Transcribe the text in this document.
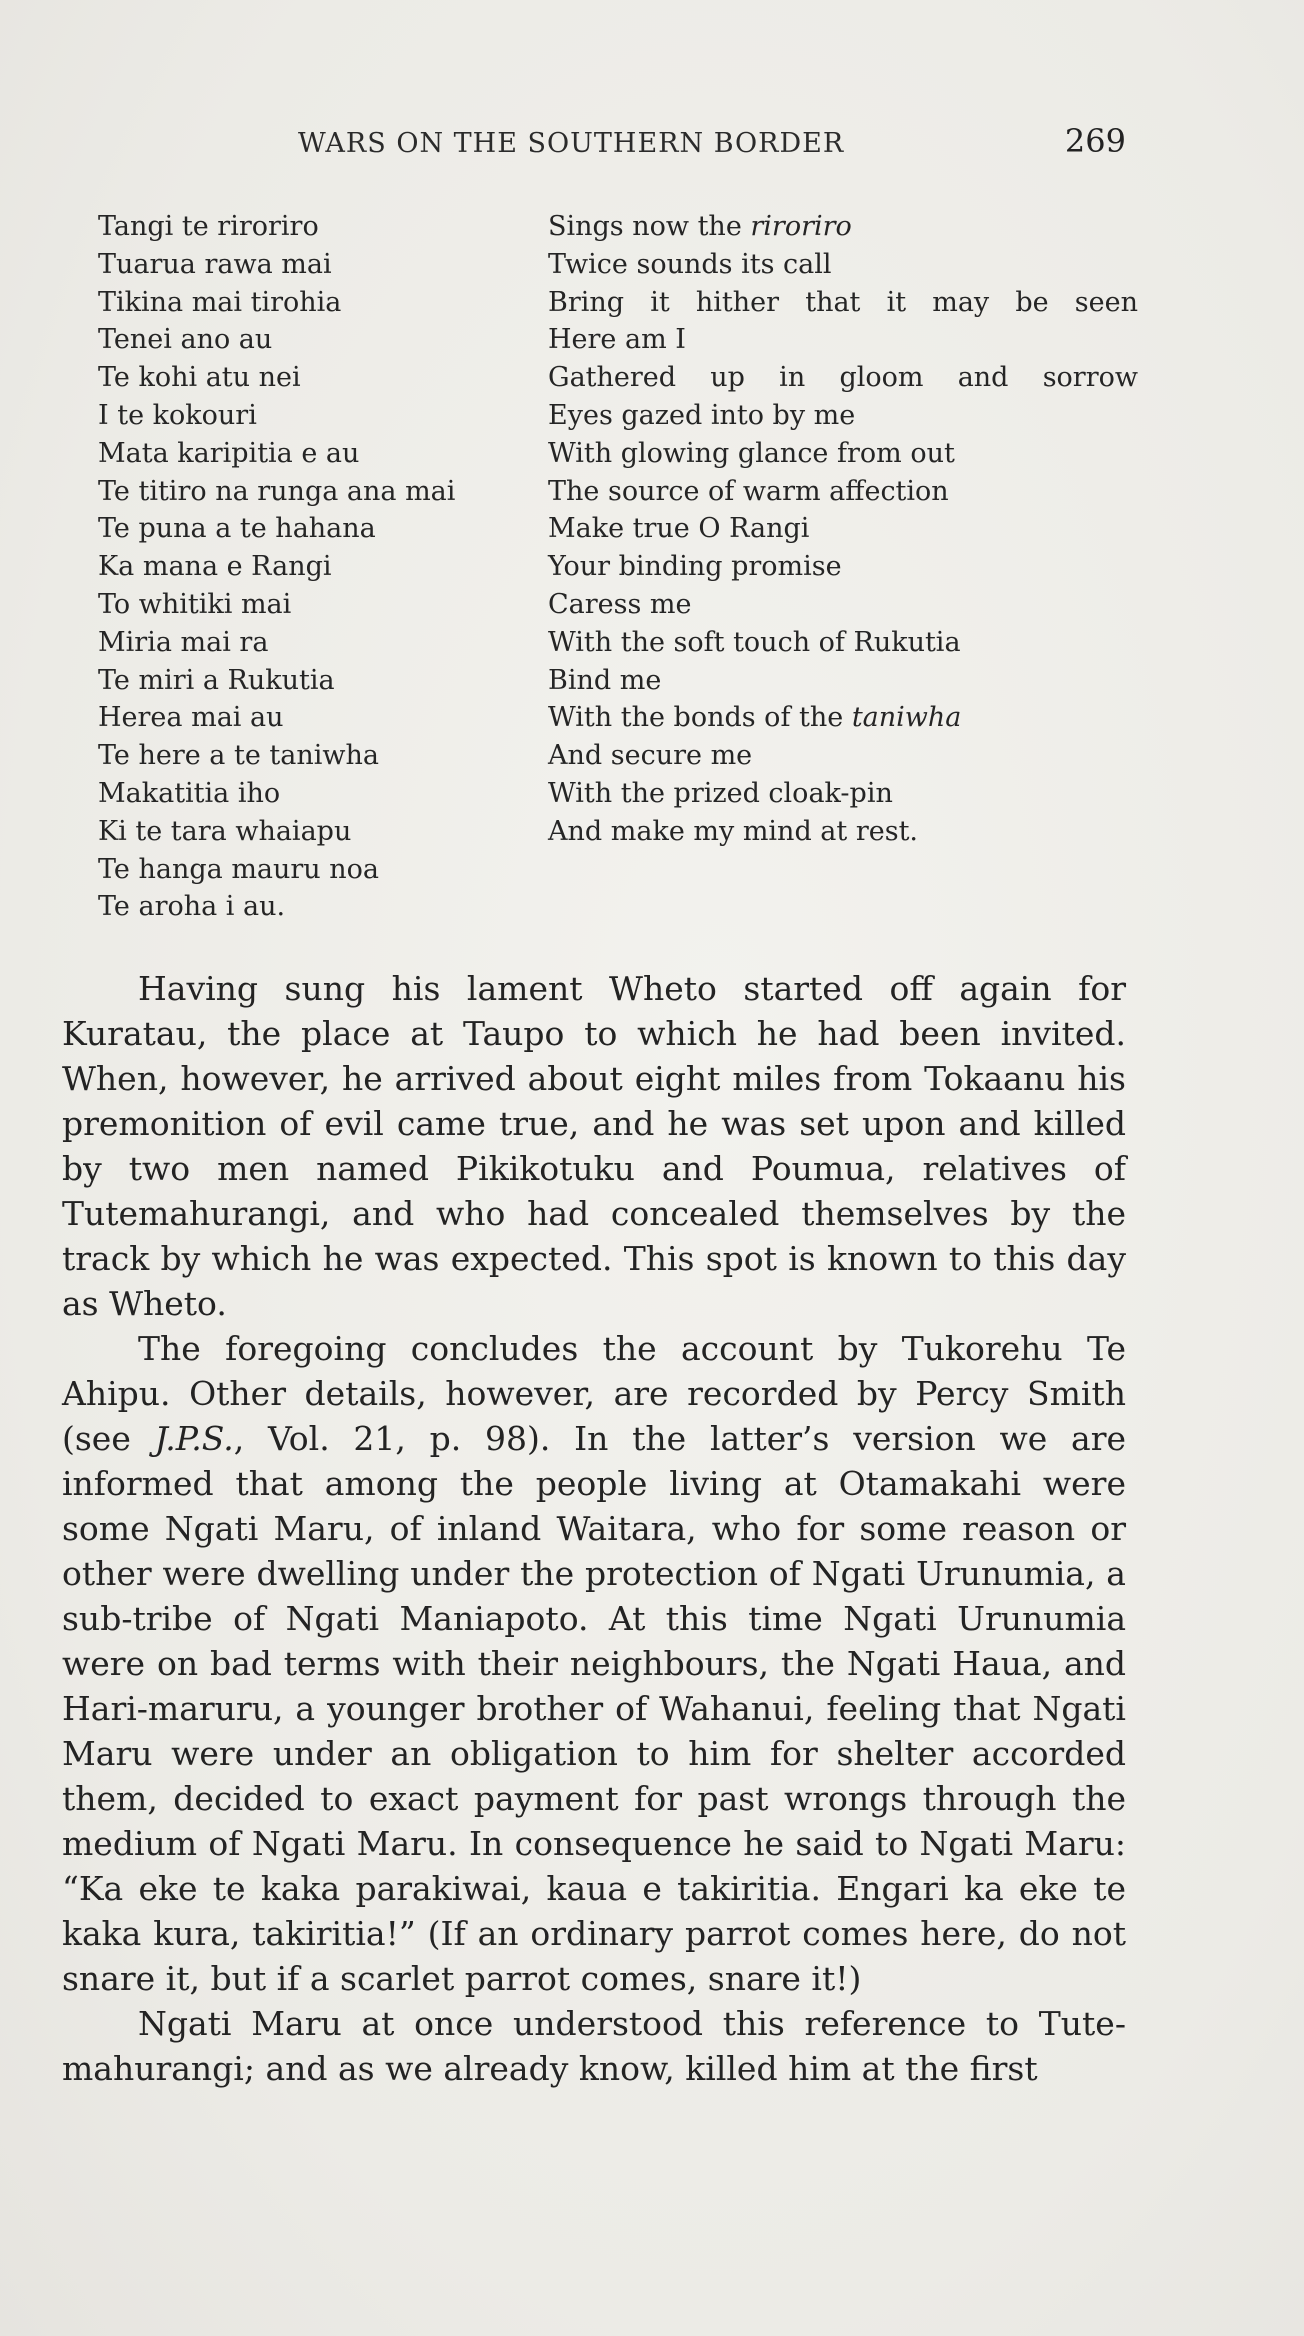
WARS ON THE SOUTHERN BORDER	269
Tangi te riroriro
Tuarua rawa mai
Tikina mai tirohia
Tenei ano au
Te kohi atu nei
I te kokouri
Mata karipitia e au
Te titiro na runga ana mai
Te puna a te hahana
Ka mana e Rangi
To whitiki mai
Miria mai ra
Te miri a Rukutia
Herea mai au
Te here a te taniwha
Makatitia iho
Ki te tara whaiapu
Te hanga mauru noa
Te aroha i au.
Sings now the riroriro
Twice sounds its call
Bring it hither that it may be seen
Here am I
Gathered up in gloom and sorrow
Eyes gazed into by me
With glowing glance from out
The source of warm affection
Make true O Rangi
Your binding promise
Caress me
With the soft touch of Rukutia
Bind me
With the bonds of the taniwha
And secure me
With the prized cloak-pin
And make my mind at rest.

Having sung his lament Wheto started off again for Kuratau, the place at Taupo to which he had been invited. When, however, he arrived about eight miles from Tokaanu his premonition of evil came true, and he was set upon and killed by two men named Pikikotuku and Poumua, relatives of Tutemahurangi, and who had concealed themselves by the track by which he was expected. This spot is known to this day as Wheto.

The foregoing concludes the account by Tukorehu Te Ahipu. Other details, however, are recorded by Percy Smith (see J.P.S., Vol. 21, p. 98). In the latter’s version we are informed that among the people living at Otamakahi were some Ngati Maru, of inland Waitara, who for some reason or other were dwelling under the protection of Ngati Urunumia, a sub-tribe of Ngati Maniapoto. At this time Ngati Urunumia were on bad terms with their neighbours, the Ngati Haua, and Hari-maruru, a younger brother of Wahanui, feeling that Ngati Maru were under an obligation to him for shelter accorded them, decided to exact payment for past wrongs through the medium of Ngati Maru. In consequence he said to Ngati Maru: “Ka eke te kaka parakiwai, kaua e takiritia. Engari ka eke te kaka kura, takiritia!” (If an ordinary parrot comes here, do not snare it, but if a scarlet parrot comes, snare it!)

Ngati Maru at once understood this reference to Tutemahurangi; and as we already know, killed him at the first
